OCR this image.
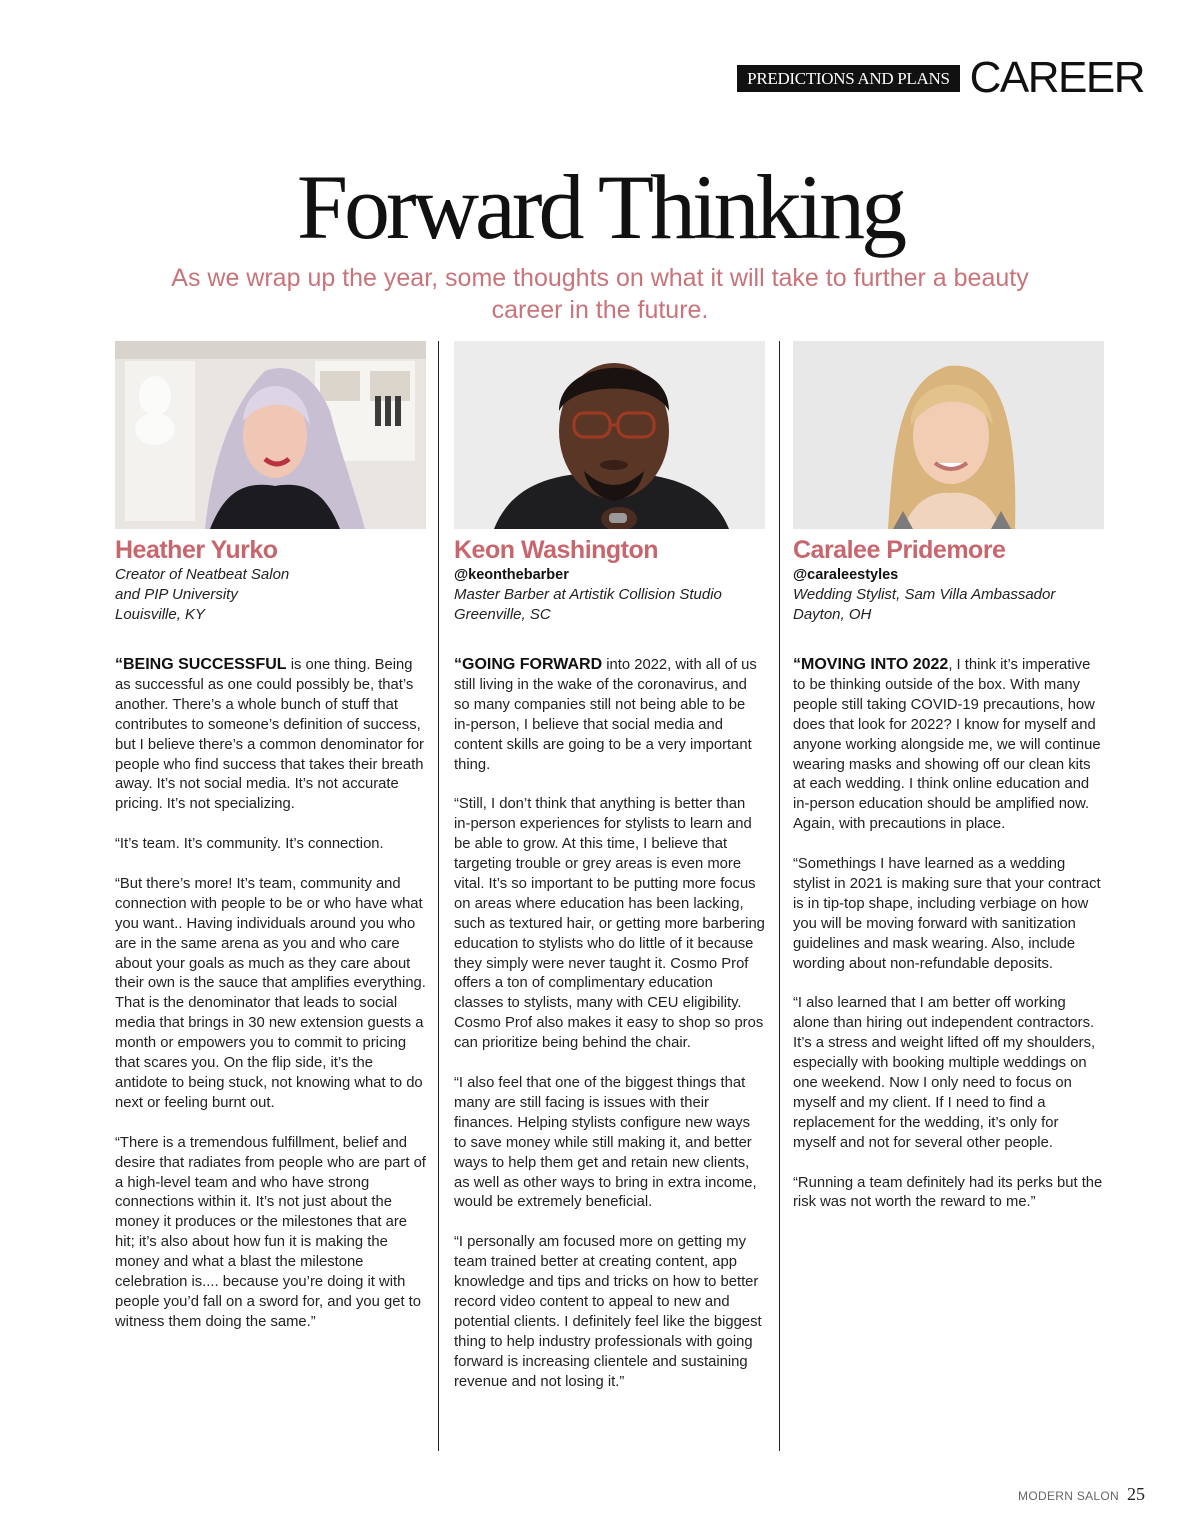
PREDICTIONS AND PLANS CAREER
Forward Thinking
As we wrap up the year, some thoughts on what it will take to further a beauty career in the future.
Heather Yurko
Creator of Neatbeat Salon
and PIP University
Louisville, KY

“BEING SUCCESSFUL is one thing. Being as successful as one could possibly be, that’s another. There’s a whole bunch of stuff that contributes to someone’s definition of success, but I believe there’s a common denominator for people who find success that takes their breath away. It’s not social media. It’s not accurate pricing. It’s not specializing.

“It’s team. It’s community. It’s connection.

“But there’s more! It’s team, community and connection with people to be or who have what you want.. Having individuals around you who are in the same arena as you and who care about your goals as much as they care about their own is the sauce that amplifies everything. That is the denominator that leads to social media that brings in 30 new extension guests a month or empowers you to commit to pricing that scares you. On the flip side, it’s the antidote to being stuck, not knowing what to do next or feeling burnt out.

“There is a tremendous fulfillment, belief and desire that radiates from people who are part of a high-level team and who have strong connections within it. It’s not just about the money it produces or the milestones that are hit; it’s also about how fun it is making the money and what a blast the milestone celebration is.... because you’re doing it with people you’d fall on a sword for, and you get to witness them doing the same.”

Keon Washington
@keonthebarber
Master Barber at Artistik Collision Studio
Greenville, SC

“GOING FORWARD into 2022, with all of us still living in the wake of the coronavirus, and so many companies still not being able to be in-person, I believe that social media and content skills are going to be a very important thing.

“Still, I don’t think that anything is better than in-person experiences for stylists to learn and be able to grow. At this time, I believe that targeting trouble or grey areas is even more vital. It’s so important to be putting more focus on areas where education has been lacking, such as textured hair, or getting more barbering education to stylists who do little of it because they simply were never taught it. Cosmo Prof offers a ton of complimentary education classes to stylists, many with CEU eligibility. Cosmo Prof also makes it easy to shop so pros can prioritize being behind the chair.

“I also feel that one of the biggest things that many are still facing is issues with their finances. Helping stylists configure new ways to save money while still making it, and better ways to help them get and retain new clients, as well as other ways to bring in extra income, would be extremely beneficial.

“I personally am focused more on getting my team trained better at creating content, app knowledge and tips and tricks on how to better record video content to appeal to new and potential clients. I definitely feel like the biggest thing to help industry professionals with going forward is increasing clientele and sustaining revenue and not losing it.”

Caralee Pridemore
@caraleestyles
Wedding Stylist, Sam Villa Ambassador
Dayton, OH

“MOVING INTO 2022, I think it’s imperative to be thinking outside of the box. With many people still taking COVID-19 precautions, how does that look for 2022? I know for myself and anyone working alongside me, we will continue wearing masks and showing off our clean kits at each wedding. I think online education and in-person education should be amplified now. Again, with precautions in place.

“Somethings I have learned as a wedding stylist in 2021 is making sure that your contract is in tip-top shape, including verbiage on how you will be moving forward with sanitization guidelines and mask wearing. Also, include wording about non-refundable deposits.

“I also learned that I am better off working alone than hiring out independent contractors. It’s a stress and weight lifted off my shoulders, especially with booking multiple weddings on one weekend. Now I only need to focus on myself and my client. If I need to find a replacement for the wedding, it’s only for myself and not for several other people.

“Running a team definitely had its perks but the risk was not worth the reward to me.”

MODERN SALON 25
